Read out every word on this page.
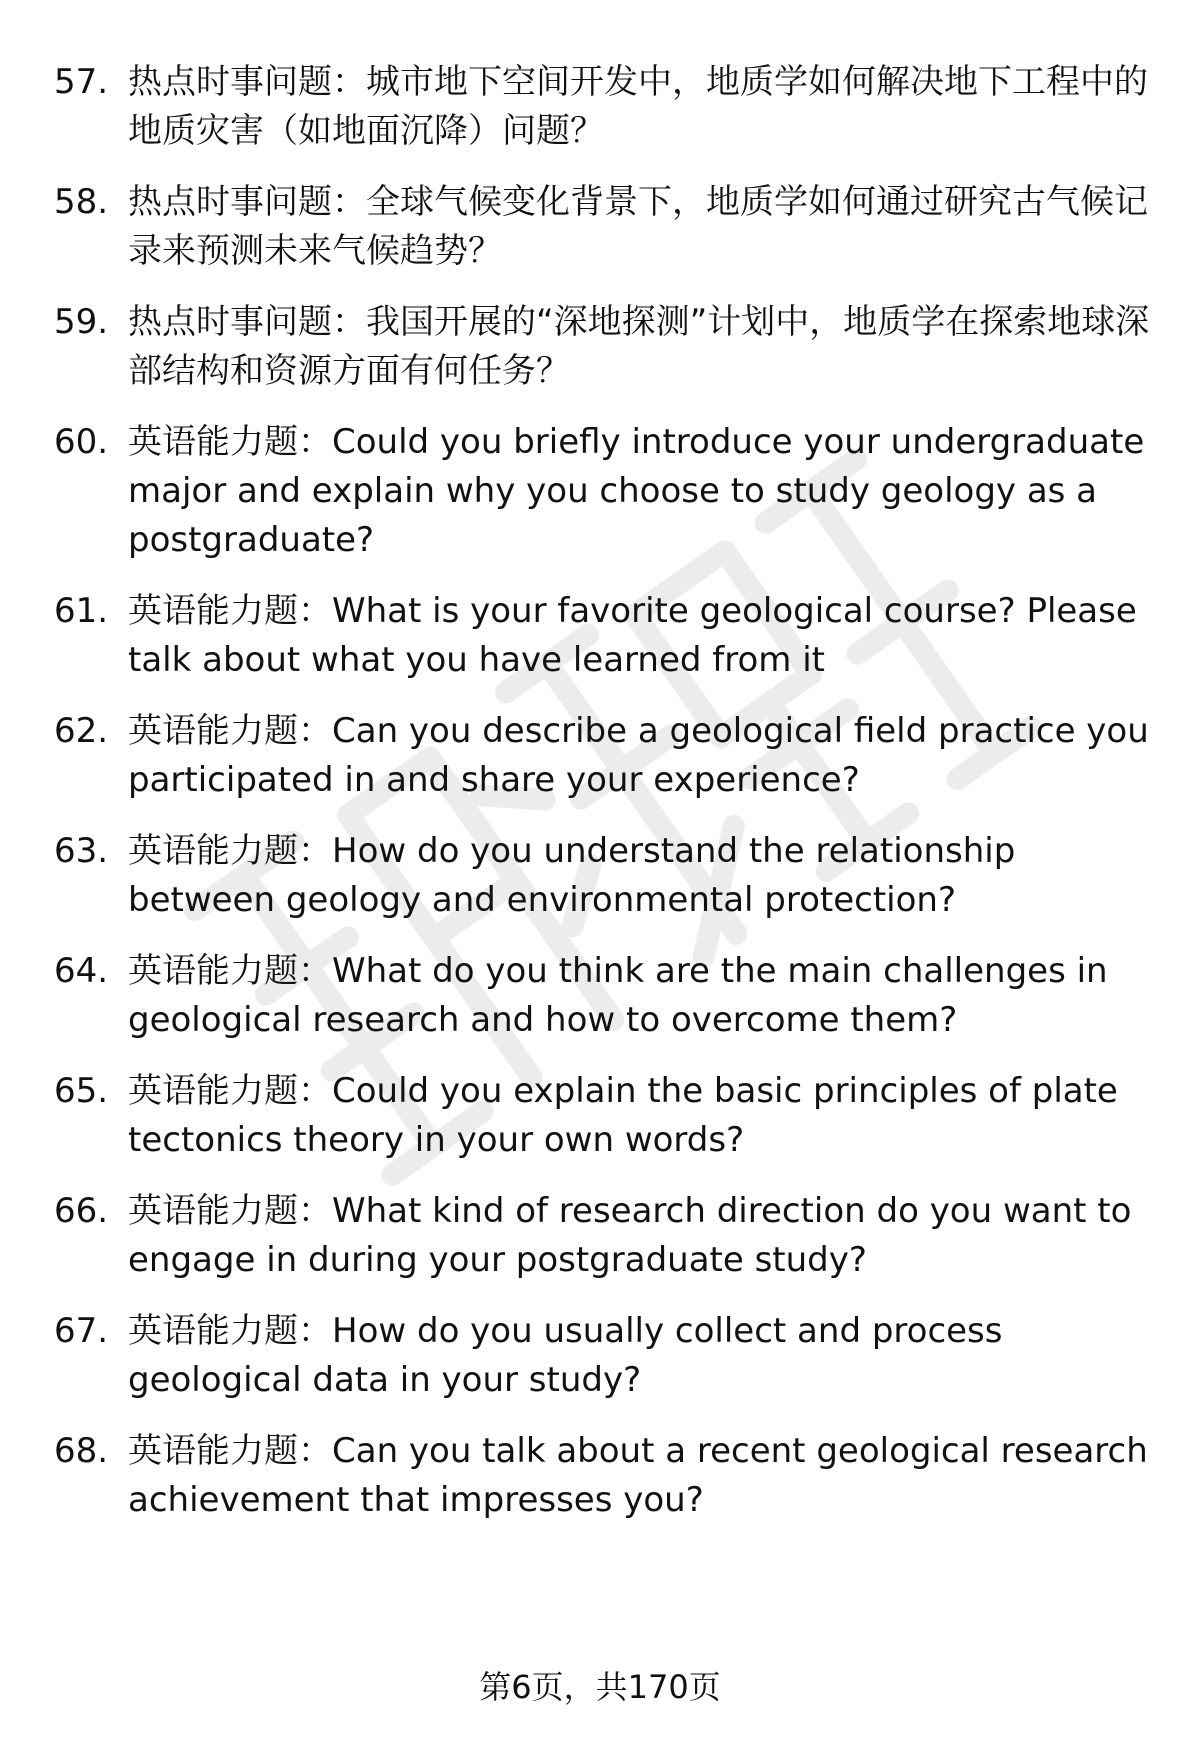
57. 热点时事问题：城市地下空间开发中，地质学如何解决地下工程中的地质灾害（如地面沉降）问题？
58. 热点时事问题：全球气候变化背景下，地质学如何通过研究古气候记录来预测未来气候趋势？
59. 热点时事问题：我国开展的“深地探测”计划中，地质学在探索地球深部结构和资源方面有何任务？
60. 英语能力题：Could you briefly introduce your undergraduate major and explain why you choose to study geology as a postgraduate?
61. 英语能力题：What is your favorite geological course? Please talk about what you have learned from it
62. 英语能力题：Can you describe a geological field practice you participated in and share your experience?
63. 英语能力题：How do you understand the relationship between geology and environmental protection?
64. 英语能力题：What do you think are the main challenges in geological research and how to overcome them?
65. 英语能力题：Could you explain the basic principles of plate tectonics theory in your own words?
66. 英语能力题：What kind of research direction do you want to engage in during your postgraduate study?
67. 英语能力题：How do you usually collect and process geological data in your study?
68. 英语能力题：Can you talk about a recent geological research achievement that impresses you?
第6页，共170页
